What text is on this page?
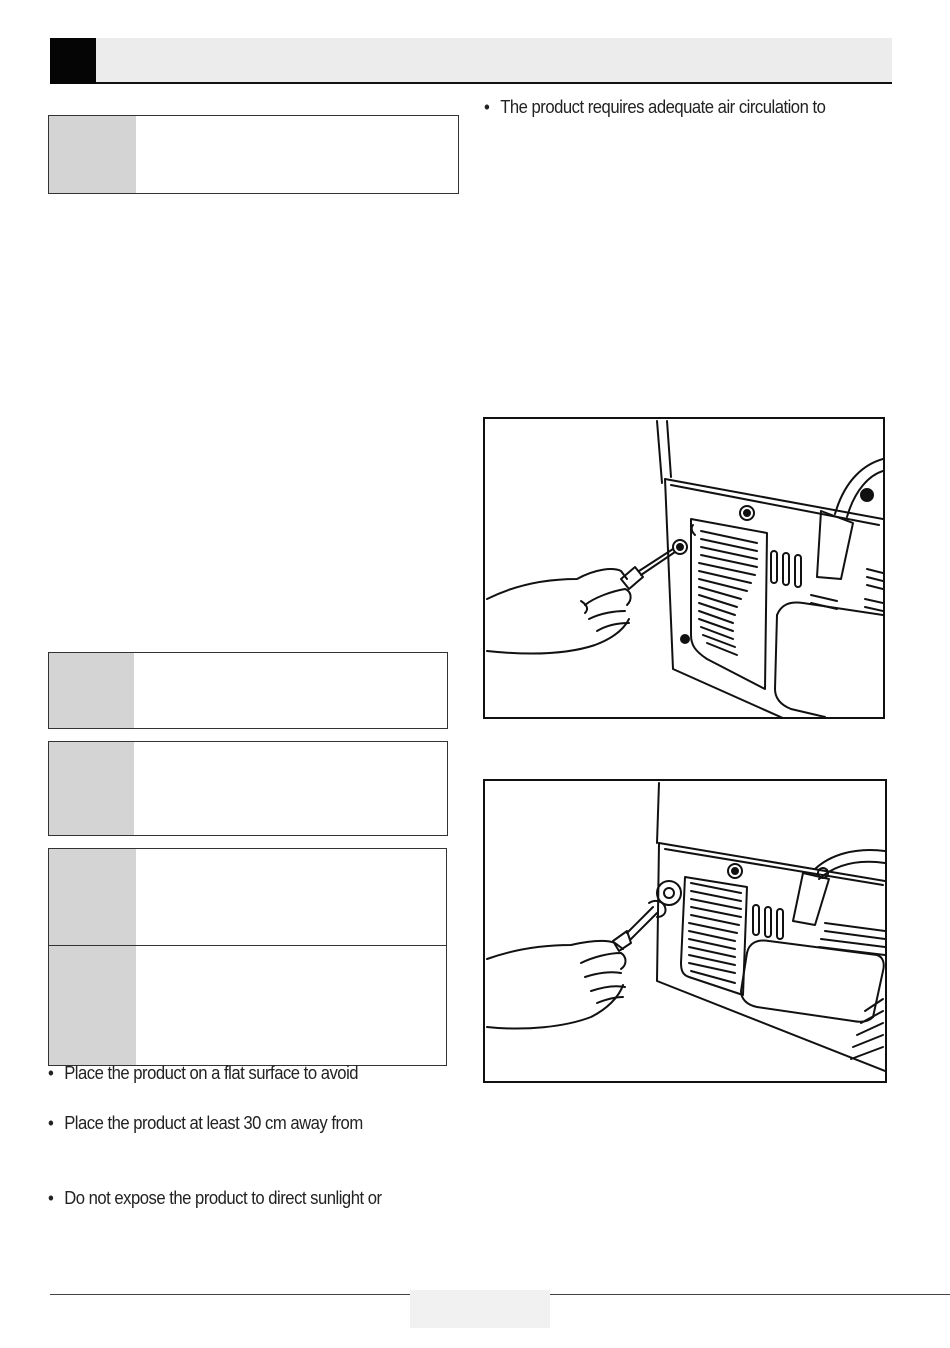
• The product requires adequate air circulation to
• Place the product on a flat surface to avoid
• Place the product at least 30 cm away from
• Do not expose the product to direct sunlight or
